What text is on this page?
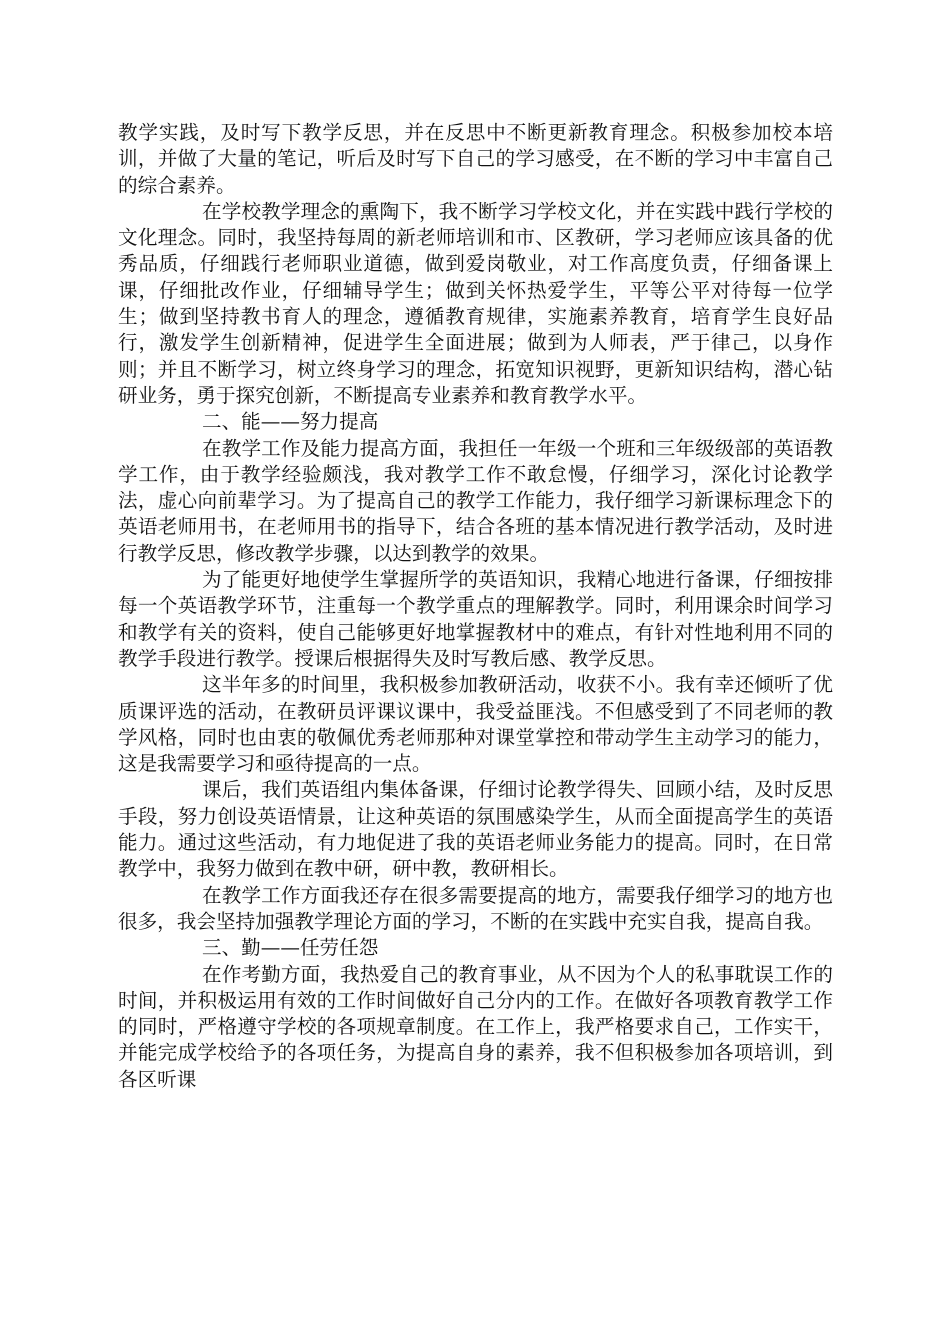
教学实践，及时写下教学反思，并在反思中不断更新教育理念。积极参加校本培训，并做了大量的笔记，听后及时写下自己的学习感受，在不断的学习中丰富自己的综合素养。

在学校教学理念的熏陶下，我不断学习学校文化，并在实践中践行学校的文化理念。同时，我坚持每周的新老师培训和市、区教研，学习老师应该具备的优秀品质，仔细践行老师职业道德，做到爱岗敬业，对工作高度负责，仔细备课上课，仔细批改作业，仔细辅导学生；做到关怀热爱学生，平等公平对待每一位学生；做到坚持教书育人的理念，遵循教育规律，实施素养教育，培育学生良好品行，激发学生创新精神，促进学生全面进展；做到为人师表，严于律己，以身作则；并且不断学习，树立终身学习的理念，拓宽知识视野，更新知识结构，潜心钻研业务，勇于探究创新，不断提高专业素养和教育教学水平。

二、能——努力提高

在教学工作及能力提高方面，我担任一年级一个班和三年级级部的英语教学工作，由于教学经验颇浅，我对教学工作不敢怠慢，仔细学习，深化讨论教学法，虚心向前辈学习。为了提高自己的教学工作能力，我仔细学习新课标理念下的英语老师用书，在老师用书的指导下，结合各班的基本情况进行教学活动，及时进行教学反思，修改教学步骤，以达到教学的效果。

为了能更好地使学生掌握所学的英语知识，我精心地进行备课，仔细按排每一个英语教学环节，注重每一个教学重点的理解教学。同时，利用课余时间学习和教学有关的资料，使自己能够更好地掌握教材中的难点，有针对性地利用不同的教学手段进行教学。授课后根据得失及时写教后感、教学反思。

这半年多的时间里，我积极参加教研活动，收获不小。我有幸还倾听了优质课评选的活动，在教研员评课议课中，我受益匪浅。不但感受到了不同老师的教学风格，同时也由衷的敬佩优秀老师那种对课堂掌控和带动学生主动学习的能力，这是我需要学习和亟待提高的一点。

课后，我们英语组内集体备课，仔细讨论教学得失、回顾小结，及时反思手段，努力创设英语情景，让这种英语的氛围感染学生，从而全面提高学生的英语能力。通过这些活动，有力地促进了我的英语老师业务能力的提高。同时，在日常教学中，我努力做到在教中研，研中教，教研相长。

在教学工作方面我还存在很多需要提高的地方，需要我仔细学习的地方也很多，我会坚持加强教学理论方面的学习，不断的在实践中充实自我，提高自我。

三、勤——任劳任怨

在作考勤方面，我热爱自己的教育事业，从不因为个人的私事耽误工作的时间，并积极运用有效的工作时间做好自己分内的工作。在做好各项教育教学工作的同时，严格遵守学校的各项规章制度。在工作上，我严格要求自己，工作实干，并能完成学校给予的各项任务，为提高自身的素养，我不但积极参加各项培训，到各区听课
